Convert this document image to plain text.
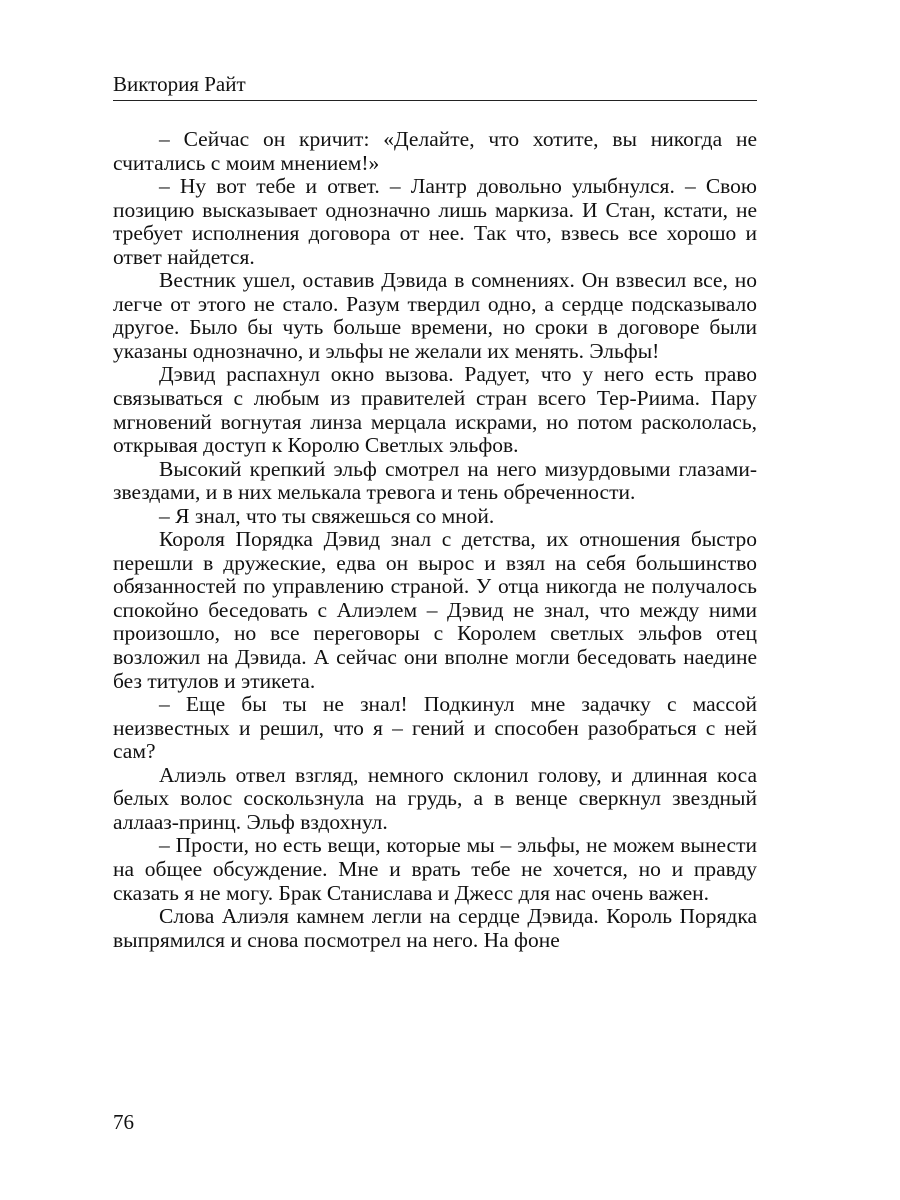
Виктория Райт

– Сейчас он кричит: «Делайте, что хотите, вы никогда не считались с моим мнением!»

– Ну вот тебе и ответ. – Лантр довольно улыбнулся. – Свою позицию высказывает однозначно лишь маркиза. И Стан, кстати, не требует исполнения договора от нее. Так что, взвесь все хорошо и ответ найдется.

Вестник ушел, оставив Дэвида в сомнениях. Он взвесил все, но легче от этого не стало. Разум твердил одно, а сердце подсказывало другое. Было бы чуть больше времени, но сроки в договоре были указаны однозначно, и эльфы не желали их менять. Эльфы!

Дэвид распахнул окно вызова. Радует, что у него есть право связываться с любым из правителей стран всего Тер-Риима. Пару мгновений вогнутая линза мерцала искрами, но потом раскололась, открывая доступ к Королю Светлых эльфов.

Высокий крепкий эльф смотрел на него мизурдовыми глазами-звездами, и в них мелькала тревога и тень обреченности.

– Я знал, что ты свяжешься со мной.

Короля Порядка Дэвид знал с детства, их отношения быстро перешли в дружеские, едва он вырос и взял на себя большинство обязанностей по управлению страной. У отца никогда не получалось спокойно беседовать с Алиэлем – Дэвид не знал, что между ними произошло, но все переговоры с Королем светлых эльфов отец возложил на Дэвида. А сейчас они вполне могли беседовать наедине без титулов и этикета.

– Еще бы ты не знал! Подкинул мне задачку с массой неизвестных и решил, что я – гений и способен разобраться с ней сам?

Алиэль отвел взгляд, немного склонил голову, и длинная коса белых волос соскользнула на грудь, а в венце сверкнул звездный аллааз-принц. Эльф вздохнул.

– Прости, но есть вещи, которые мы – эльфы, не можем вынести на общее обсуждение. Мне и врать тебе не хочется, но и правду сказать я не могу. Брак Станислава и Джесс для нас очень важен.

Слова Алиэля камнем легли на сердце Дэвида. Король Порядка выпрямился и снова посмотрел на него. На фоне

76
